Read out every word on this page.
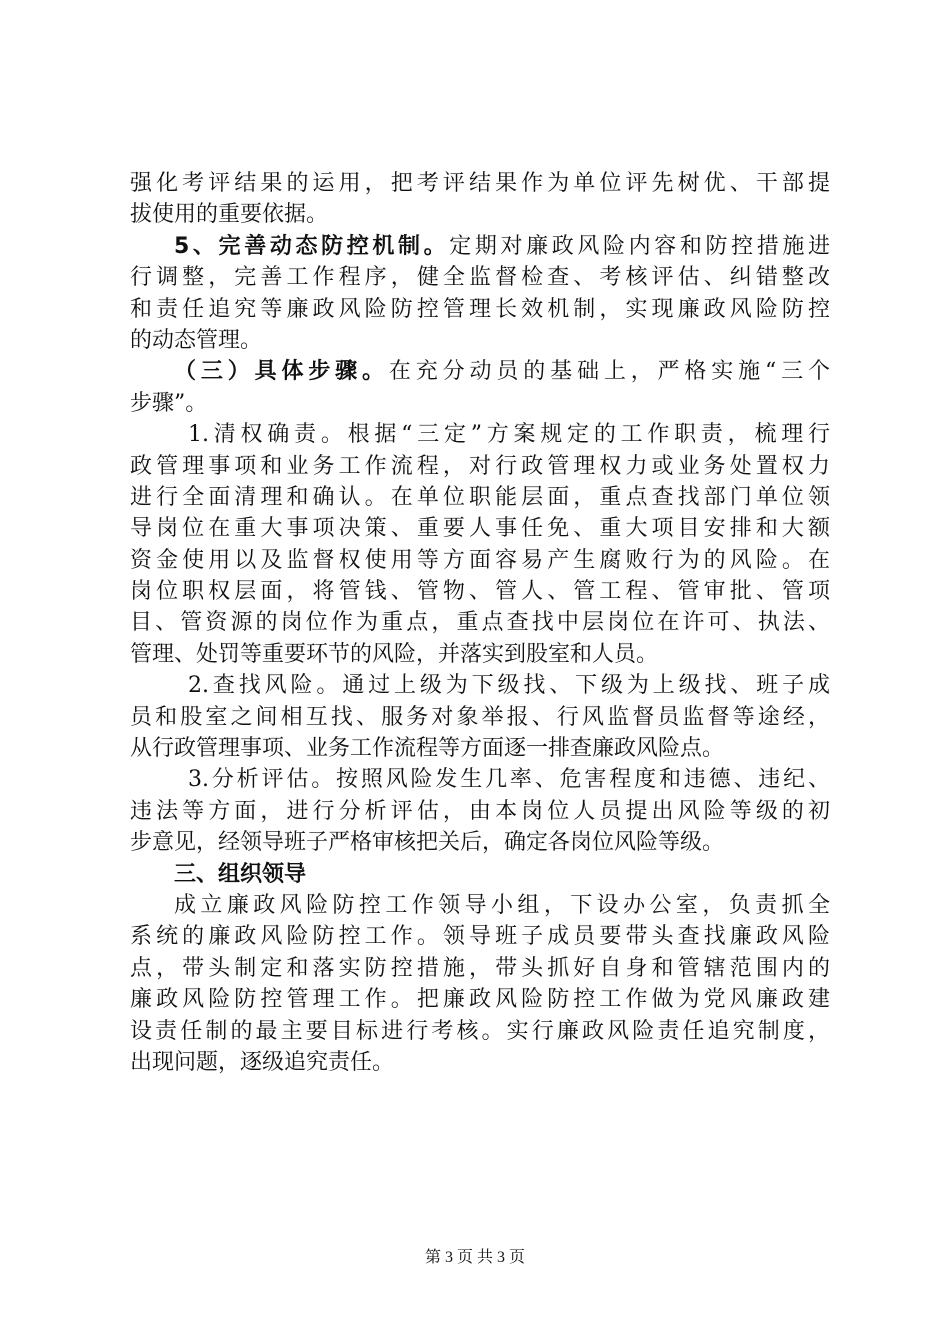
强化考评结果的运用，把考评结果作为单位评先树优、干部提
拔使用的重要依据。
5、完善动态防控机制。定期对廉政风险内容和防控措施进
行调整，完善工作程序，健全监督检查、考核评估、纠错整改
和责任追究等廉政风险防控管理长效机制，实现廉政风险防控
的动态管理。
（三）具体步骤。在充分动员的基础上，严格实施“三个
步骤”。
1.清权确责。根据“三定”方案规定的工作职责，梳理行
政管理事项和业务工作流程，对行政管理权力或业务处置权力
进行全面清理和确认。在单位职能层面，重点查找部门单位领
导岗位在重大事项决策、重要人事任免、重大项目安排和大额
资金使用以及监督权使用等方面容易产生腐败行为的风险。在
岗位职权层面，将管钱、管物、管人、管工程、管审批、管项
目、管资源的岗位作为重点，重点查找中层岗位在许可、执法、
管理、处罚等重要环节的风险，并落实到股室和人员。
2.查找风险。通过上级为下级找、下级为上级找、班子成
员和股室之间相互找、服务对象举报、行风监督员监督等途经，
从行政管理事项、业务工作流程等方面逐一排查廉政风险点。
3.分析评估。按照风险发生几率、危害程度和违德、违纪、
违法等方面，进行分析评估，由本岗位人员提出风险等级的初
步意见，经领导班子严格审核把关后，确定各岗位风险等级。
三、组织领导
成立廉政风险防控工作领导小组，下设办公室，负责抓全
系统的廉政风险防控工作。领导班子成员要带头查找廉政风险
点，带头制定和落实防控措施，带头抓好自身和管辖范围内的
廉政风险防控管理工作。把廉政风险防控工作做为党风廉政建
设责任制的最主要目标进行考核。实行廉政风险责任追究制度，
出现问题，逐级追究责任。
第 3 页 共 3 页
